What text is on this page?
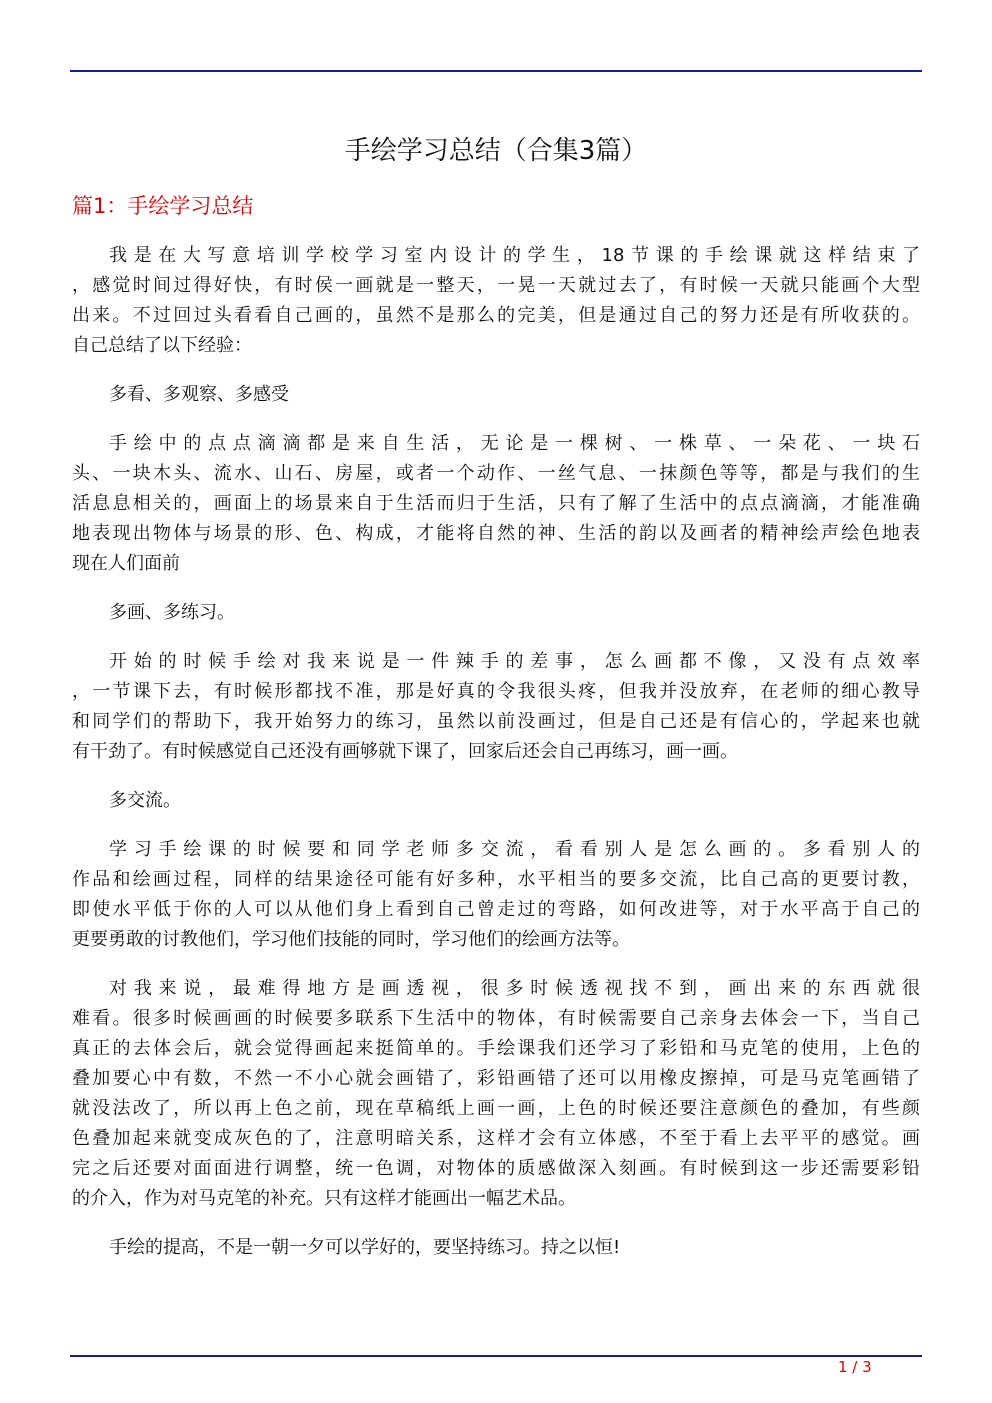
手绘学习总结（合集3篇）
篇1：手绘学习总结
我是在大写意培训学校学习室内设计的学生，18节课的手绘课就这样结束了
，感觉时间过得好快，有时侯一画就是一整天，一晃一天就过去了，有时候一天就只能画个大型
出来。不过回过头看看自己画的，虽然不是那么的完美，但是通过自己的努力还是有所收获的。
自己总结了以下经验：
多看、多观察、多感受
手绘中的点点滴滴都是来自生活，无论是一棵树、一株草、一朵花、一块石
头、一块木头、流水、山石、房屋，或者一个动作、一丝气息、一抹颜色等等，都是与我们的生
活息息相关的，画面上的场景来自于生活而归于生活，只有了解了生活中的点点滴滴，才能准确
地表现出物体与场景的形、色、构成，才能将自然的神、生活的韵以及画者的精神绘声绘色地表
现在人们面前
多画、多练习。
开始的时候手绘对我来说是一件辣手的差事，怎么画都不像，又没有点效率
，一节课下去，有时候形都找不准，那是好真的令我很头疼，但我并没放弃，在老师的细心教导
和同学们的帮助下，我开始努力的练习，虽然以前没画过，但是自己还是有信心的，学起来也就
有干劲了。有时候感觉自己还没有画够就下课了，回家后还会自己再练习，画一画。
多交流。
学习手绘课的时候要和同学老师多交流，看看别人是怎么画的。多看别人的
作品和绘画过程，同样的结果途径可能有好多种，水平相当的要多交流，比自己高的更要讨教，
即使水平低于你的人可以从他们身上看到自己曾走过的弯路，如何改进等，对于水平高于自己的
更要勇敢的讨教他们，学习他们技能的同时，学习他们的绘画方法等。
对我来说，最难得地方是画透视，很多时候透视找不到，画出来的东西就很
难看。很多时候画画的时候要多联系下生活中的物体，有时候需要自己亲身去体会一下，当自己
真正的去体会后，就会觉得画起来挺简单的。手绘课我们还学习了彩铅和马克笔的使用，上色的
叠加要心中有数，不然一不小心就会画错了，彩铅画错了还可以用橡皮擦掉，可是马克笔画错了
就没法改了，所以再上色之前，现在草稿纸上画一画，上色的时候还要注意颜色的叠加，有些颜
色叠加起来就变成灰色的了，注意明暗关系，这样才会有立体感，不至于看上去平平的感觉。画
完之后还要对面面进行调整，统一色调，对物体的质感做深入刻画。有时候到这一步还需要彩铅
的介入，作为对马克笔的补充。只有这样才能画出一幅艺术品。
手绘的提高，不是一朝一夕可以学好的，要坚持练习。持之以恒!
1 / 3
